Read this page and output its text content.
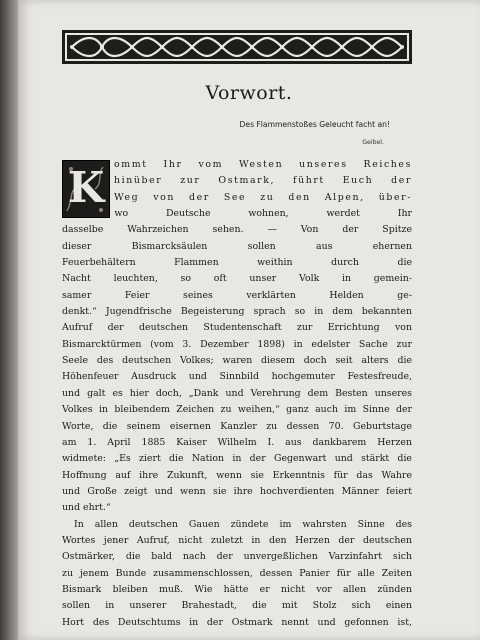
Vorwort.
Des Flammenstoßes Geleucht facht an!
Geibel.
K	ommt Ihr vom Westen unseres Reiches
hinüber zur Ostmark, führt Euch der
Weg von der See zu den Alpen, über-
all, wo Deutsche wohnen, werdet Ihr
dasselbe Wahrzeichen sehen. — Von der Spitze
dieser Bismarcksäulen sollen aus ehernen
Feuerbehältern Flammen weithin durch die
Nacht leuchten, so oft unser Volk in gemein-
samer Feier seines verklärten Helden ge-
denkt.“ Jugendfrische Begeisterung sprach so in dem bekannten
Aufruf der deutschen Studentenschaft zur Errichtung von
Bismarcktürmen (vom 3. Dezember 1898) in edelster Sache zur
Seele des deutschen Volkes; waren diesem doch seit alters die
Höhenfeuer Ausdruck und Sinnbild hochgemuter Festesfreude,
und galt es hier doch, „Dank und Verehrung dem Besten unseres
Volkes in bleibendem Zeichen zu weihen,“ ganz auch im Sinne der
Worte, die seinem eisernen Kanzler zu dessen 70. Geburtstage
am 1. April 1885 Kaiser Wilhelm I. aus dankbarem Herzen
widmete: „Es ziert die Nation in der Gegenwart und stärkt die
Hoffnung auf ihre Zukunft, wenn sie Erkenntnis für das Wahre
und Große zeigt und wenn sie ihre hochverdienten Männer feiert
und ehrt.“
In allen deutschen Gauen zündete im wahrsten Sinne des
Wortes jener Aufruf, nicht zuletzt in den Herzen der deutschen
Ostmärker, die bald nach der unvergeßlichen Varzinfahrt sich
zu jenem Bunde zusammenschlossen, dessen Panier für alle Zeiten
Bismark bleiben muß. Wie hätte er nicht vor allen zünden
sollen in unserer Brahestadt, die mit Stolz sich einen
Hort des Deutschtums in der Ostmark nennt und gefonnen ist,
